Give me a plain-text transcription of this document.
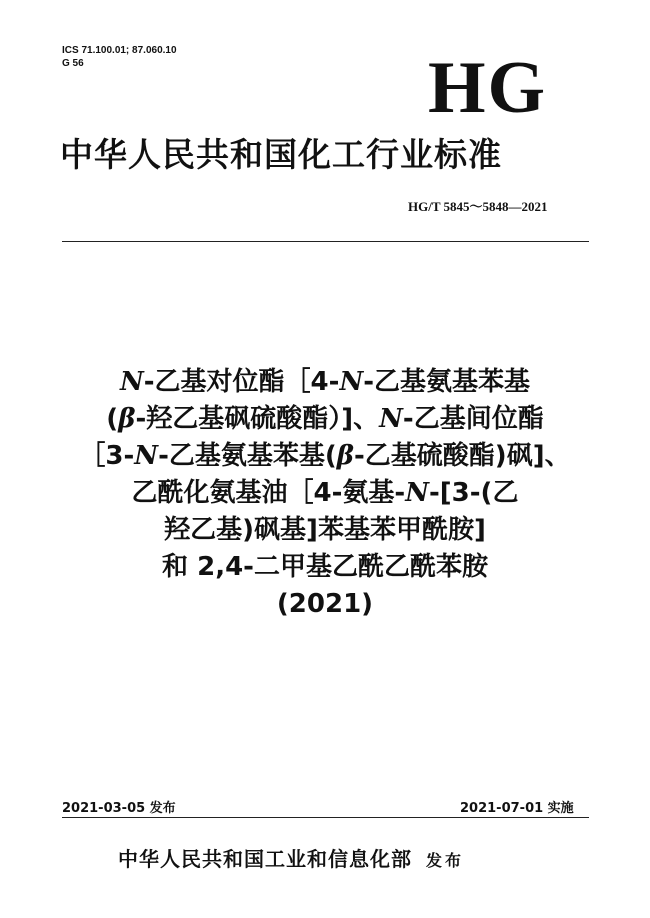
ICS 71.100.01; 87.060.10
G 56	HG
中华人民共和国化工行业标准
HG/T 5845～5848—2021
N-乙基对位酯［4-N-乙基氨基苯基
(β-羟乙基砜硫酸酯）]、N-乙基间位酯
［3-N-乙基氨基苯基(β-乙基硫酸酯)砜]、
乙酰化氨基油［4-氨基-N-[3-(乙
羟乙基)砜基]苯基苯甲酰胺]
和 2,4-二甲基乙酰乙酰苯胺
(2021)
2021-03-05 发布	2021-07-01 实施
中华人民共和国工业和信息化部 发布
